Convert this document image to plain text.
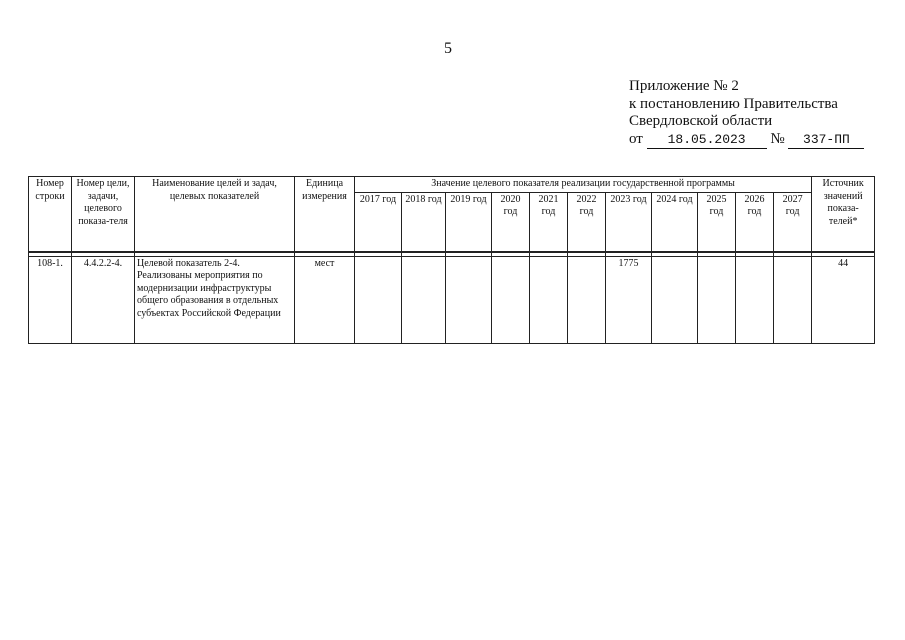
5
Приложение № 2
к постановлению Правительства
Свердловской области
от 18.05.2023 № 337-ПП
Номер строки	Номер цели, задачи, целевого показа-теля	Наименование целей и задач, целевых показателей	Единица измерения	Значение целевого показателя реализации государственной программы											Источник значений показа-телей*
				2017 год	2018 год	2019 год	2020 год	2021 год	2022 год	2023 год	2024 год	2025 год	2026 год	2027 год	

108-1.	4.4.2.2-4.	Целевой показатель 2-4. Реализованы мероприятия по модернизации инфраструктуры общего образования в отдельных субъектах Российской Федерации	мест							1775					44
